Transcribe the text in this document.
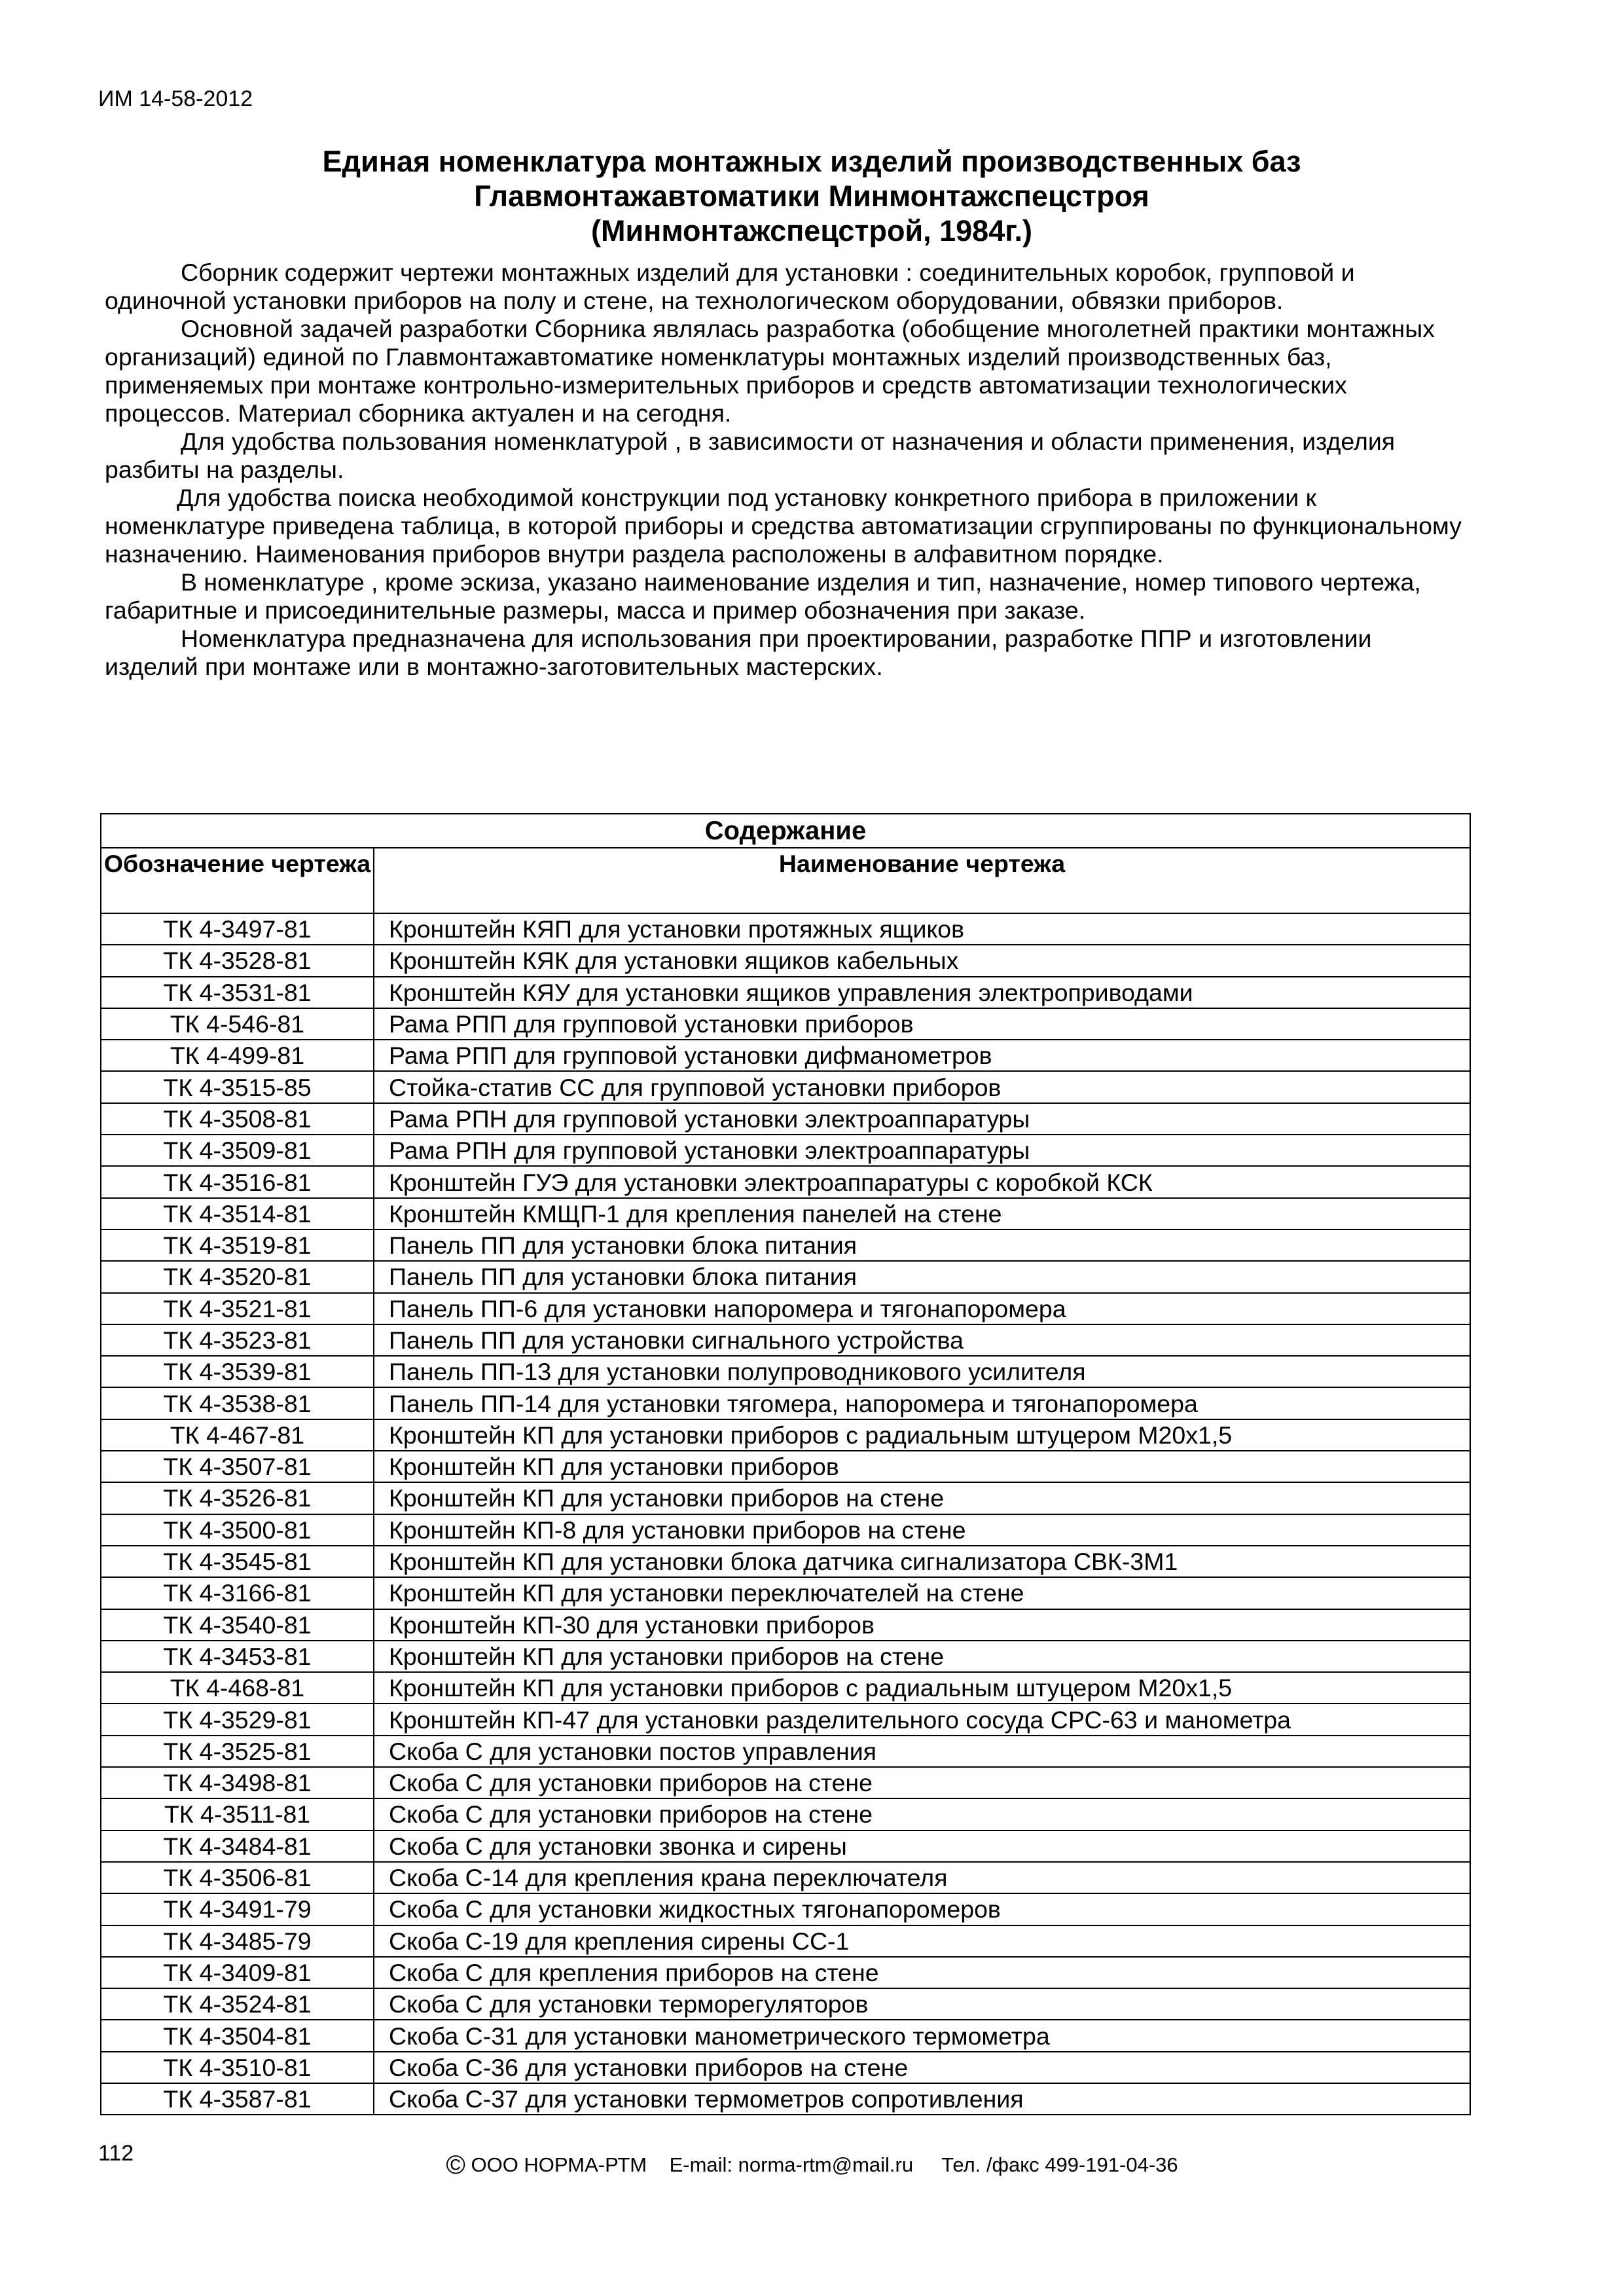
ИМ 14-58-2012
Единая номенклатура монтажных изделий производственных баз
Главмонтажавтоматики Минмонтажспецстроя
(Минмонтажспецстрой, 1984г.)

Сборник содержит чертежи монтажных изделий для установки : соединительных коробок, групповой и одиночной установки приборов на полу и стене, на технологическом оборудовании, обвязки приборов.

Основной задачей разработки Сборника являлась разработка (обобщение многолетней практики монтажных организаций) единой по Главмонтажавтоматике номенклатуры монтажных изделий производственных баз, применяемых при монтаже контрольно-измерительных приборов и средств автоматизации технологических процессов. Материал сборника актуален и на сегодня.

Для удобства пользования номенклатурой , в зависимости от назначения и области применения, изделия разбиты на разделы.

Для удобства поиска необходимой конструкции под установку конкретного прибора в приложении к номенклатуре приведена таблица, в которой приборы и средства автоматизации сгруппированы по функциональному назначению. Наименования приборов внутри раздела расположены в алфавитном порядке.

В номенклатуре , кроме эскиза, указано наименование изделия и тип, назначение, номер типового чертежа, габаритные и присоединительные размеры, масса и пример обозначения при заказе.

Номенклатура предназначена для использования при проектировании, разработке ППР и изготовлении изделий при монтаже или в монтажно-заготовительных мастерских.

Содержание	
Обозначение чертежа	Наименование чертежа
ТК 4-3497-81	Кронштейн КЯП для установки протяжных ящиков
ТК 4-3528-81	Кронштейн КЯК для установки ящиков кабельных
ТК 4-3531-81	Кронштейн КЯУ для установки ящиков управления электроприводами
ТК 4-546-81	Рама РПП для групповой установки приборов
ТК 4-499-81	Рама РПП для групповой установки дифманометров
ТК 4-3515-85	Стойка-статив СС для групповой установки приборов
ТК 4-3508-81	Рама РПН для групповой установки электроаппаратуры
ТК 4-3509-81	Рама РПН для групповой установки электроаппаратуры
ТК 4-3516-81	Кронштейн ГУЭ для установки электроаппаратуры с коробкой КСК
ТК 4-3514-81	Кронштейн КМЩП-1 для крепления панелей на стене
ТК 4-3519-81	Панель ПП для установки блока питания
ТК 4-3520-81	Панель ПП для установки блока питания
ТК 4-3521-81	Панель ПП-6 для установки напоромера и тягонапоромера
ТК 4-3523-81	Панель ПП для установки сигнального устройства
ТК 4-3539-81	Панель ПП-13 для установки полупроводникового усилителя
ТК 4-3538-81	Панель ПП-14 для установки тягомера, напоромера и тягонапоромера
ТК 4-467-81	Кронштейн КП для установки приборов с радиальным штуцером М20х1,5
ТК 4-3507-81	Кронштейн КП для установки приборов
ТК 4-3526-81	Кронштейн КП для установки приборов на стене
ТК 4-3500-81	Кронштейн КП-8 для установки приборов на стене
ТК 4-3545-81	Кронштейн КП для установки блока датчика сигнализатора СВК-3М1
ТК 4-3166-81	Кронштейн КП для установки переключателей на стене
ТК 4-3540-81	Кронштейн КП-30 для установки приборов
ТК 4-3453-81	Кронштейн КП для установки приборов на стене
ТК 4-468-81	Кронштейн КП для установки приборов с радиальным штуцером М20х1,5
ТК 4-3529-81	Кронштейн КП-47 для установки разделительного сосуда СРС-63 и манометра
ТК 4-3525-81	Скоба С для установки постов управления
ТК 4-3498-81	Скоба С для установки приборов на стене
ТК 4-3511-81	Скоба С для установки приборов на стене
ТК 4-3484-81	Скоба С для установки звонка и сирены
ТК 4-3506-81	Скоба С-14 для крепления крана переключателя
ТК 4-3491-79	Скоба С для установки жидкостных тягонапоромеров
ТК 4-3485-79	Скоба С-19 для крепления сирены СС-1
ТК 4-3409-81	Скоба С для крепления приборов на стене
ТК 4-3524-81	Скоба С для установки терморегуляторов
ТК 4-3504-81	Скоба С-31 для установки манометрического термометра
ТК 4-3510-81	Скоба С-36 для установки приборов на стене
ТК 4-3587-81	Скоба С-37 для установки термометров сопротивления
112	© ООО НОРМА-РТМ E-mail: norma-rtm@mail.ru Тел. /факс 499-191-04-36
